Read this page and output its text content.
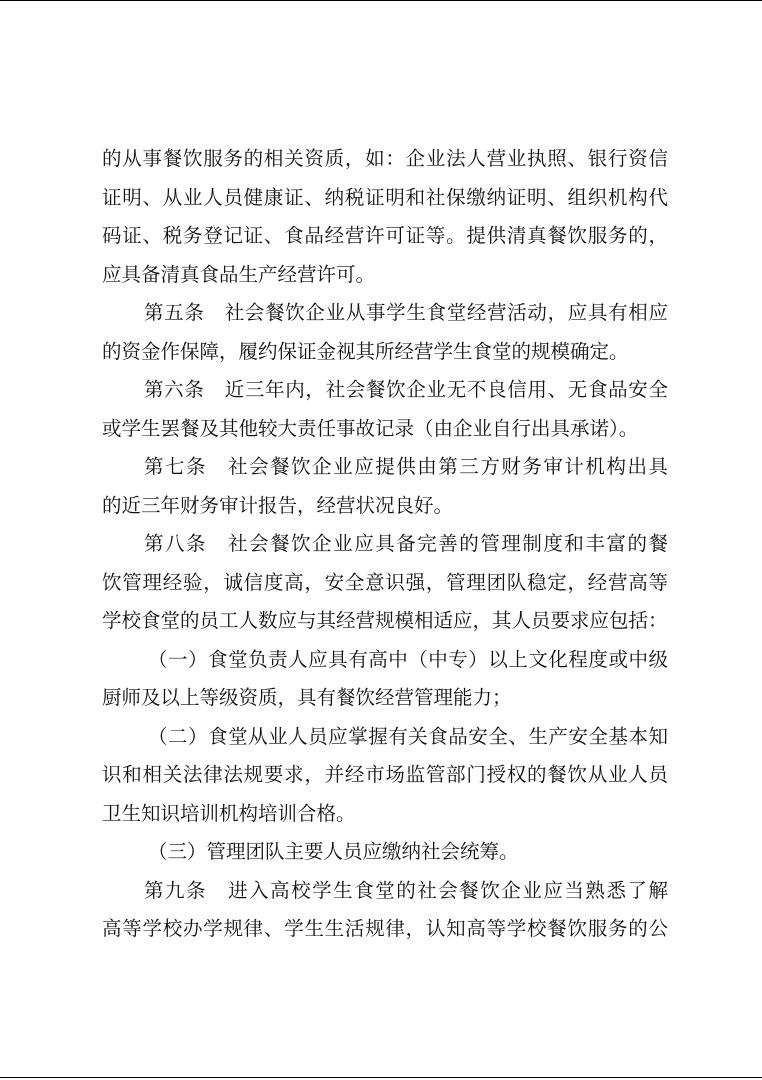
的从事餐饮服务的相关资质，如：企业法人营业执照、银行资信
证明、从业人员健康证、纳税证明和社保缴纳证明、组织机构代
码证、税务登记证、食品经营许可证等。提供清真餐饮服务的，
应具备清真食品生产经营许可。
第五条　社会餐饮企业从事学生食堂经营活动，应具有相应
的资金作保障，履约保证金视其所经营学生食堂的规模确定。
第六条　近三年内，社会餐饮企业无不良信用、无食品安全
或学生罢餐及其他较大责任事故记录（由企业自行出具承诺）。
第七条　社会餐饮企业应提供由第三方财务审计机构出具
的近三年财务审计报告，经营状况良好。
第八条　社会餐饮企业应具备完善的管理制度和丰富的餐
饮管理经验，诚信度高，安全意识强，管理团队稳定，经营高等
学校食堂的员工人数应与其经营规模相适应，其人员要求应包括：
（一）食堂负责人应具有高中（中专）以上文化程度或中级
厨师及以上等级资质，具有餐饮经营管理能力；
（二）食堂从业人员应掌握有关食品安全、生产安全基本知
识和相关法律法规要求，并经市场监管部门授权的餐饮从业人员
卫生知识培训机构培训合格。
（三）管理团队主要人员应缴纳社会统筹。
第九条　进入高校学生食堂的社会餐饮企业应当熟悉了解
高等学校办学规律、学生生活规律，认知高等学校餐饮服务的公
